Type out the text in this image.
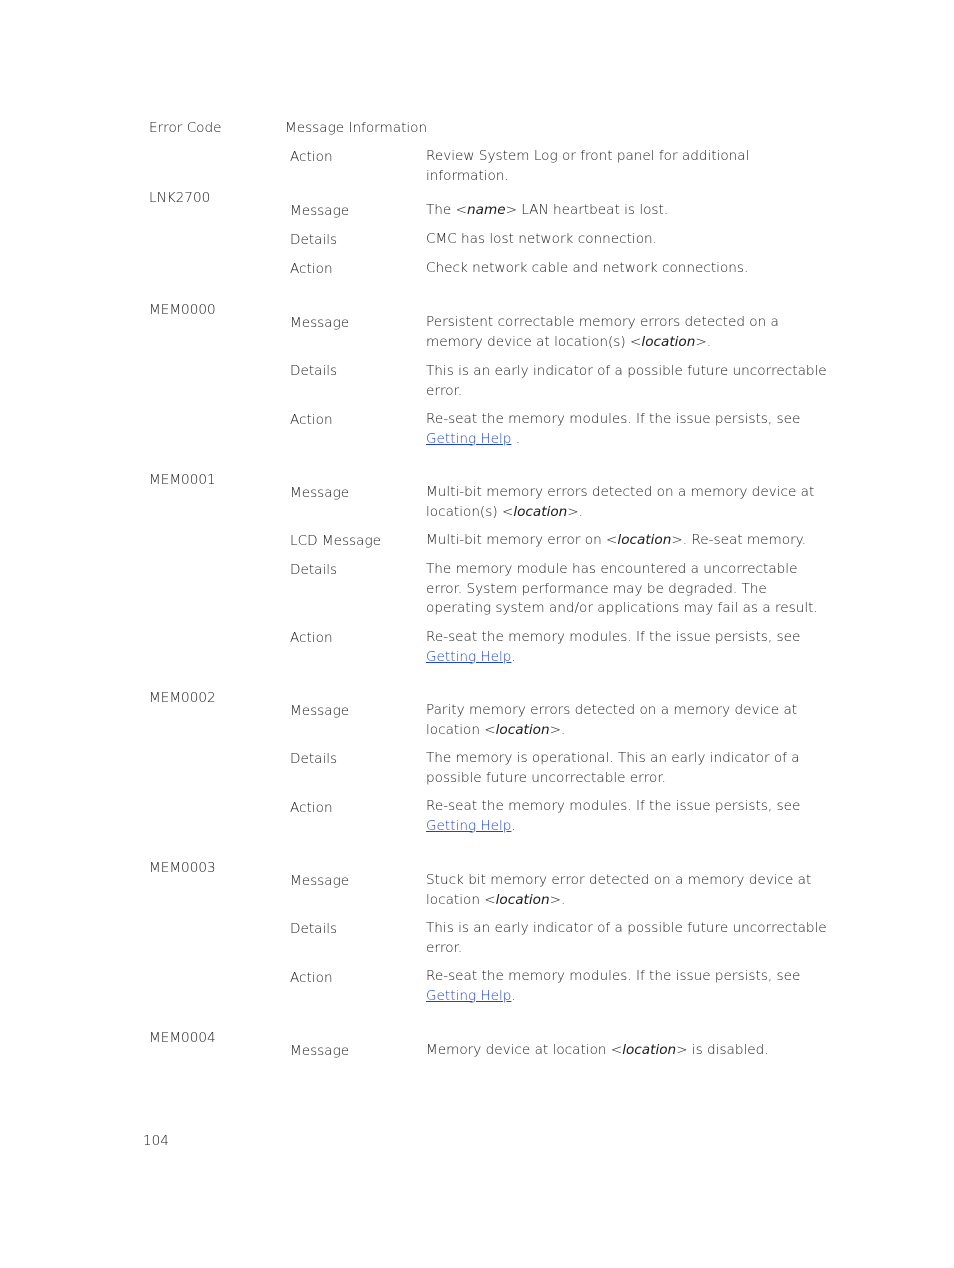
Error Code	Message Information
Action	Review System Log or front panel for additional information.
LNK2700
Message	The <name> LAN heartbeat is lost.
Details	CMC has lost network connection.
Action	Check network cable and network connections.
MEM0000
Message	Persistent correctable memory errors detected on a memory device at location(s) <location>.
Details	This is an early indicator of a possible future uncorrectable error.
Action	Re-seat the memory modules. If the issue persists, see Getting Help .
MEM0001
Message	Multi-bit memory errors detected on a memory device at location(s) <location>.
LCD Message	Multi-bit memory error on <location>. Re-seat memory.
Details	The memory module has encountered a uncorrectable error. System performance may be degraded. The operating system and/or applications may fail as a result.
Action	Re-seat the memory modules. If the issue persists, see Getting Help.
MEM0002
Message	Parity memory errors detected on a memory device at location <location>.
Details	The memory is operational. This an early indicator of a possible future uncorrectable error.
Action	Re-seat the memory modules. If the issue persists, see Getting Help.
MEM0003
Message	Stuck bit memory error detected on a memory device at location <location>.
Details	This is an early indicator of a possible future uncorrectable error.
Action	Re-seat the memory modules. If the issue persists, see Getting Help.
MEM0004
Message	Memory device at location <location> is disabled.
104
